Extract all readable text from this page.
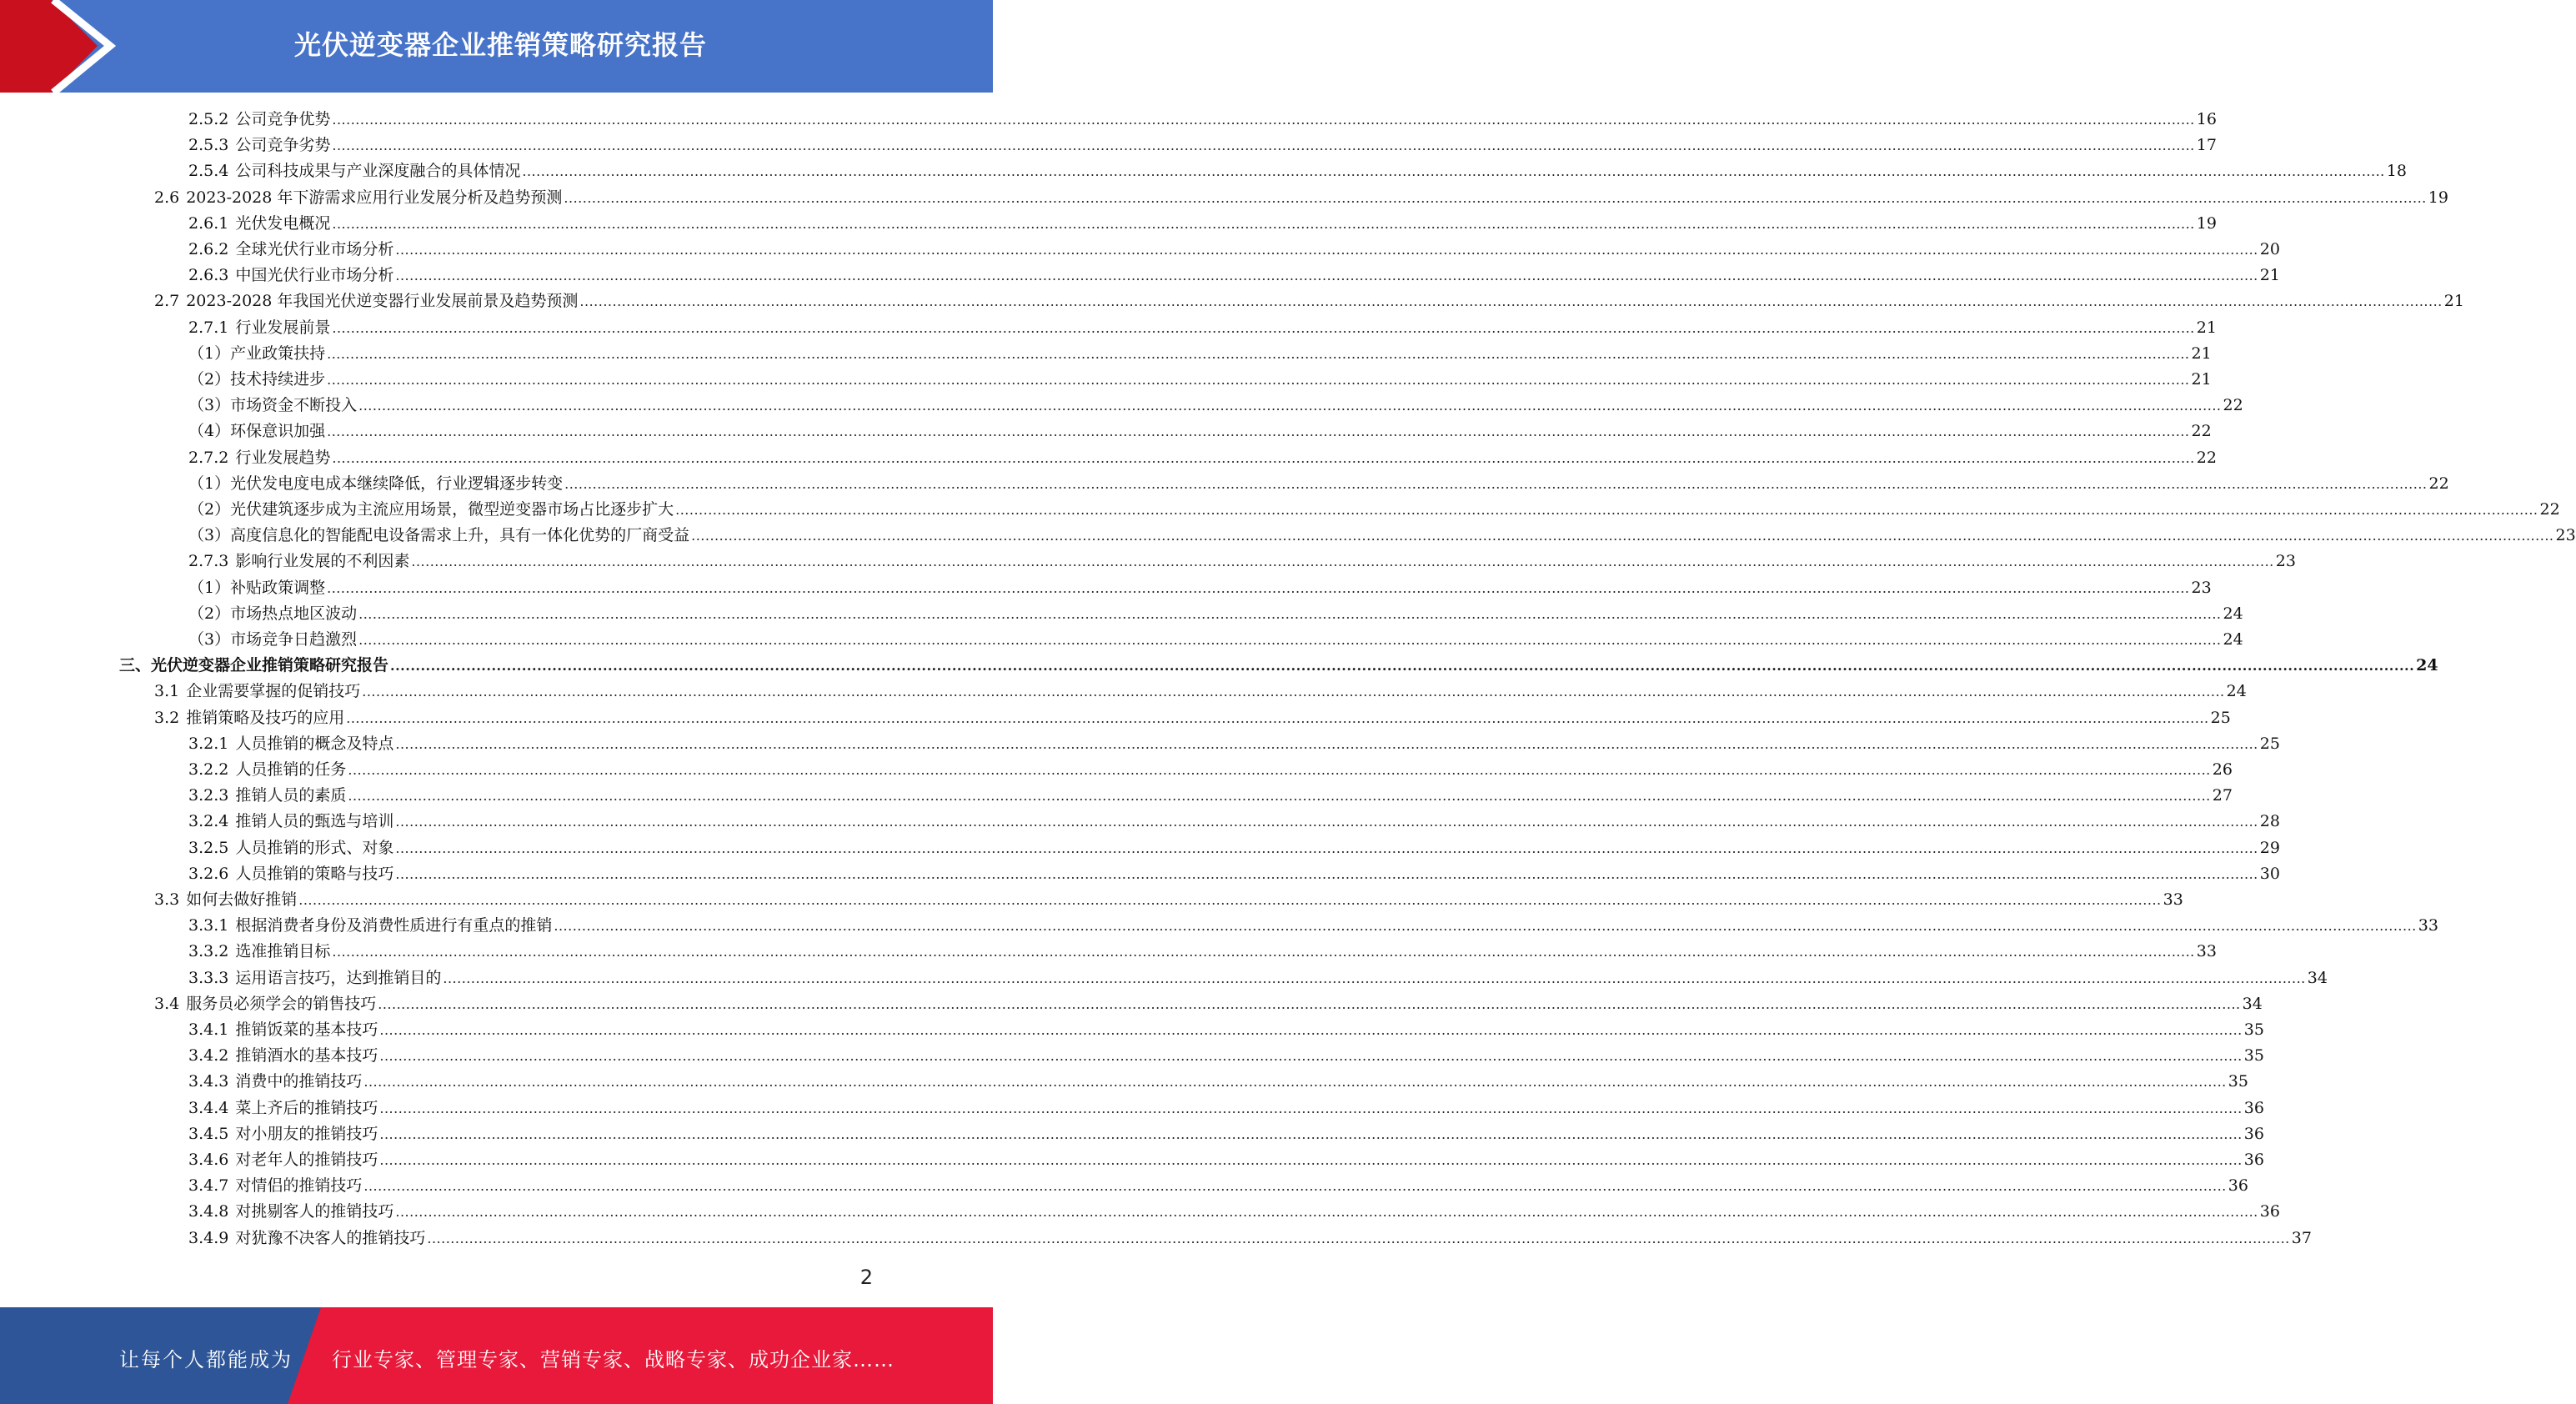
光伏逆变器企业推销策略研究报告
2.5.2 公司竞争优势 ................................................................................................................................................................................................................................................................................................................................................................................................................ 16
2.5.3 公司竞争劣势 ................................................................................................................................................................................................................................................................................................................................................................................................................ 17
2.5.4 公司科技成果与产业深度融合的具体情况 ................................................................................................................................................................................................................................................................................................................................................................................................................ 18
2.6 2023-2028 年下游需求应用行业发展分析及趋势预测 ................................................................................................................................................................................................................................................................................................................................................................................................................ 19
2.6.1 光伏发电概况 ................................................................................................................................................................................................................................................................................................................................................................................................................ 19
2.6.2 全球光伏行业市场分析 ................................................................................................................................................................................................................................................................................................................................................................................................................ 20
2.6.3 中国光伏行业市场分析 ................................................................................................................................................................................................................................................................................................................................................................................................................ 21
2.7 2023-2028 年我国光伏逆变器行业发展前景及趋势预测 ................................................................................................................................................................................................................................................................................................................................................................................................................ 21
2.7.1 行业发展前景 ................................................................................................................................................................................................................................................................................................................................................................................................................ 21
（1） 产业政策扶持 ................................................................................................................................................................................................................................................................................................................................................................................................................ 21
（2） 技术持续进步 ................................................................................................................................................................................................................................................................................................................................................................................................................ 21
（3） 市场资金不断投入 ................................................................................................................................................................................................................................................................................................................................................................................................................ 22
（4） 环保意识加强 ................................................................................................................................................................................................................................................................................................................................................................................................................ 22
2.7.2 行业发展趋势 ................................................................................................................................................................................................................................................................................................................................................................................................................ 22
（1） 光伏发电度电成本继续降低，行业逻辑逐步转变 ................................................................................................................................................................................................................................................................................................................................................................................................................ 22
（2） 光伏建筑逐步成为主流应用场景，微型逆变器市场占比逐步扩大 ................................................................................................................................................................................................................................................................................................................................................................................................................ 22
（3） 高度信息化的智能配电设备需求上升，具有一体化优势的厂商受益 ................................................................................................................................................................................................................................................................................................................................................................................................................ 23
2.7.3 影响行业发展的不利因素 ................................................................................................................................................................................................................................................................................................................................................................................................................ 23
（1） 补贴政策调整 ................................................................................................................................................................................................................................................................................................................................................................................................................ 23
（2） 市场热点地区波动 ................................................................................................................................................................................................................................................................................................................................................................................................................ 24
（3） 市场竞争日趋激烈 ................................................................................................................................................................................................................................................................................................................................................................................................................ 24
三、 光伏逆变器企业推销策略研究报告 ................................................................................................................................................................................................................................................................................................................................................................................................................ 24
3.1 企业需要掌握的促销技巧 ................................................................................................................................................................................................................................................................................................................................................................................................................ 24
3.2 推销策略及技巧的应用 ................................................................................................................................................................................................................................................................................................................................................................................................................ 25
3.2.1 人员推销的概念及特点 ................................................................................................................................................................................................................................................................................................................................................................................................................ 25
3.2.2 人员推销的任务 ................................................................................................................................................................................................................................................................................................................................................................................................................ 26
3.2.3 推销人员的素质 ................................................................................................................................................................................................................................................................................................................................................................................................................ 27
3.2.4 推销人员的甄选与培训 ................................................................................................................................................................................................................................................................................................................................................................................................................ 28
3.2.5 人员推销的形式、对象 ................................................................................................................................................................................................................................................................................................................................................................................................................ 29
3.2.6 人员推销的策略与技巧 ................................................................................................................................................................................................................................................................................................................................................................................................................ 30
3.3 如何去做好推销 ................................................................................................................................................................................................................................................................................................................................................................................................................ 33
3.3.1 根据消费者身份及消费性质进行有重点的推销 ................................................................................................................................................................................................................................................................................................................................................................................................................ 33
3.3.2 选准推销目标 ................................................................................................................................................................................................................................................................................................................................................................................................................ 33
3.3.3 运用语言技巧，达到推销目的 ................................................................................................................................................................................................................................................................................................................................................................................................................ 34
3.4 服务员必须学会的销售技巧 ................................................................................................................................................................................................................................................................................................................................................................................................................ 34
3.4.1 推销饭菜的基本技巧 ................................................................................................................................................................................................................................................................................................................................................................................................................ 35
3.4.2 推销酒水的基本技巧 ................................................................................................................................................................................................................................................................................................................................................................................................................ 35
3.4.3 消费中的推销技巧 ................................................................................................................................................................................................................................................................................................................................................................................................................ 35
3.4.4 菜上齐后的推销技巧 ................................................................................................................................................................................................................................................................................................................................................................................................................ 36
3.4.5 对小朋友的推销技巧 ................................................................................................................................................................................................................................................................................................................................................................................................................ 36
3.4.6 对老年人的推销技巧 ................................................................................................................................................................................................................................................................................................................................................................................................................ 36
3.4.7 对情侣的推销技巧 ................................................................................................................................................................................................................................................................................................................................................................................................................ 36
3.4.8 对挑剔客人的推销技巧 ................................................................................................................................................................................................................................................................................................................................................................................................................ 36
3.4.9 对犹豫不决客人的推销技巧 ................................................................................................................................................................................................................................................................................................................................................................................................................ 37
2
让每个人都能成为 行业专家、管理专家、营销专家、战略专家、成功企业家……
